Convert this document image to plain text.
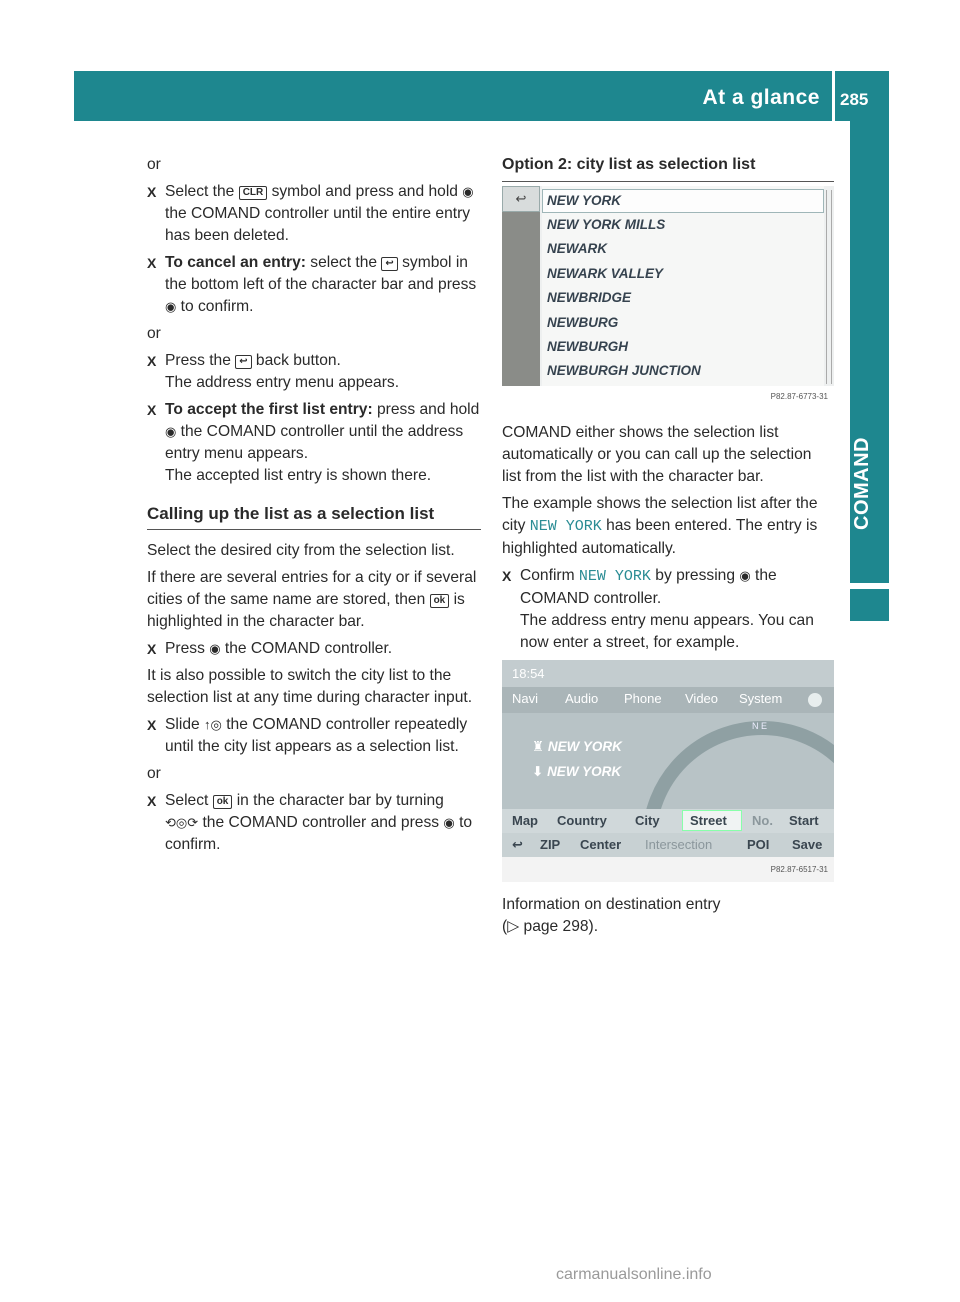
At a glance 285
COMAND

or

X Select the CLR symbol and press and hold ◉ the COMAND controller until the entire entry has been deleted.

X To cancel an entry: select the ↩ symbol in the bottom left of the character bar and press ◉ to confirm.

or

X Press the ↩ back button.

The address entry menu appears.

X To accept the first list entry: press and hold ◉ the COMAND controller until the address entry menu appears.

The accepted list entry is shown there.

Calling up the list as a selection list

Select the desired city from the selection list.

If there are several entries for a city or if several cities of the same name are stored, then ok is highlighted in the character bar.

X Press ◉ the COMAND controller.

It is also possible to switch the city list to the selection list at any time during character input.

X Slide ↑◎ the COMAND controller repeatedly until the city list appears as a selection list.

or

X Select ok in the character bar by turning ⟲◎⟳ the COMAND controller and press ◉ to confirm.

Option 2: city list as selection list
↩	NEW YORK
NEW YORK MILLS
NEWARK
NEWARK VALLEY
NEWBRIDGE
NEWBURG
NEWBURGH
NEWBURGH JUNCTION
P82.87-6773-31

COMAND either shows the selection list automatically or you can call up the selection list from the list with the character bar.

The example shows the selection list after the city NEW YORK has been entered. The entry is highlighted automatically.

X Confirm NEW YORK by pressing ◉ the COMAND controller.

The address entry menu appears. You can now enter a street, for example.

18:54
Navi Audio Phone Video System
N E
♜ NEW YORK
⬇ NEW YORK
Map Country City Street No. Start
↩ ZIP Center Intersection	POI Save
P82.87-6517-31

Information on destination entry

(▷ page 298).

carmanualsonline.info
